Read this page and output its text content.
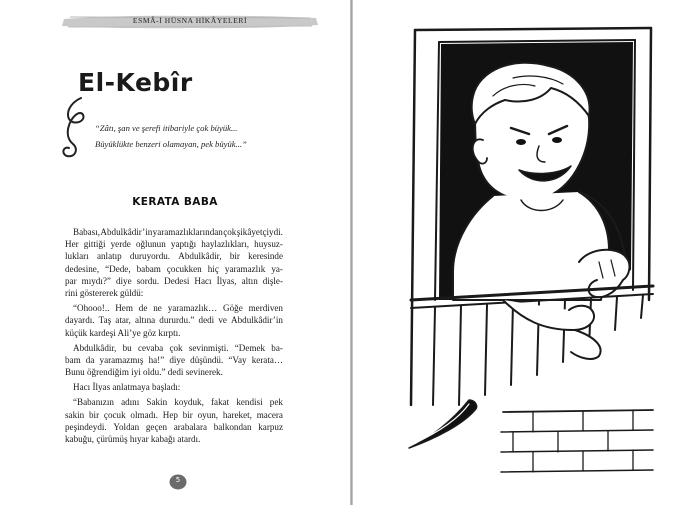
ESMÂ-İ HÜSNA HİKÂYELERİ
El-Kebîr
“Zâtı, şan ve şerefi itibariyle çok büyük...
Büyüklükte benzeri olamayan, pek büyük...”
KERATA BABA
Babası, Abdulkâdir’in yaramazlıklarından çok şikâyetçiydi.
Her gittiği yerde oğlunun yaptığı haylazlıkları, huysuz-
lukları anlatıp duruyordu. Abdulkâdir, bir keresinde
dedesine, “Dede, babam çocukken hiç yaramazlık ya-
par mıydı?” diye sordu. Dedesi Hacı İlyas, altın dişle-
rini göstererek güldü:
“Ohooo!.. Hem de ne yaramazlık… Göğe merdiven
dayardı. Taş atar, altına dururdu.” dedi ve Abdulkâdir’in
küçük kardeşi Ali’ye göz kırptı.
Abdulkâdir, bu cevaba çok sevinmişti. “Demek ba-
bam da yaramazmış ha!” diye düşündü. “Vay kerata…
Bunu öğrendiğim iyi oldu.” dedi sevinerek.
Hacı İlyas anlatmaya başladı:
“Babanızın adını Sakin koyduk, fakat kendisi pek
sakin bir çocuk olmadı. Hep bir oyun, hareket, macera
peşindeydi. Yoldan geçen arabalara balkondan karpuz
kabuğu, çürümüş hıyar kabağı atardı.
5
